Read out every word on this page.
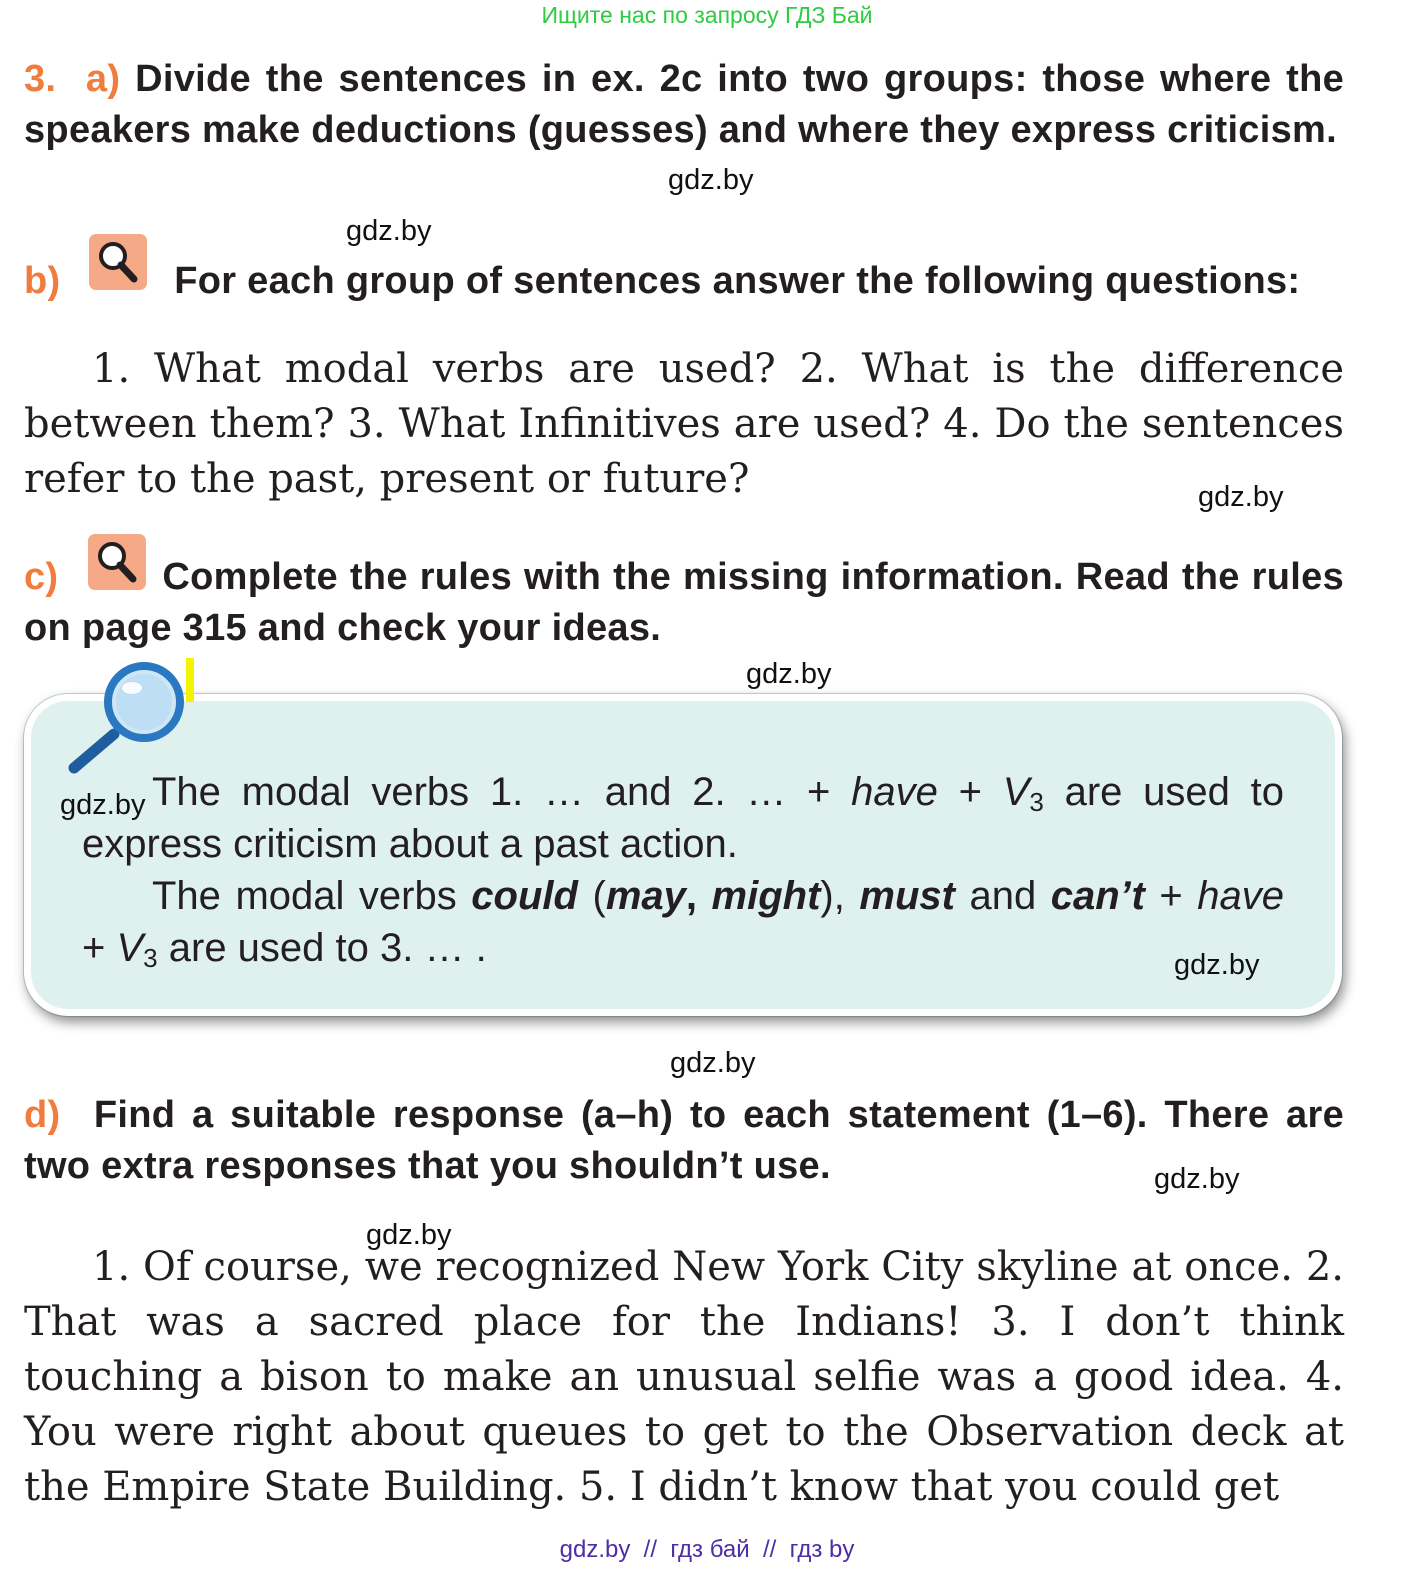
Ищите нас по запросу ГДЗ Бай
3. a) Divide the sentences in ex. 2c into two groups: those where the speakers make deductions (guesses) and where they express criticism.
gdz.by
gdz.by
b)	For each group of sentences answer the following questions:
1. What modal verbs are used? 2. What is the difference between them? 3. What Infinitives are used? 4. Do the sentences refer to the past, present or future?	gdz.by
c)	Complete the rules with the missing information. Read the rules on page 315 and check your ideas.
gdz.by
gdz.by The modal verbs 1. … and 2. … + have + $V_3$ are used to express criticism about a past action.
The modal verbs could (may, might), must and can’t + have + $V_3$ are used to 3. … .	gdz.by
gdz.by
d) Find a suitable response (a–h) to each statement (1–6). There are two extra responses that you shouldn’t use.	gdz.by
gdz.by
1. Of course, we recognized New York City skyline at once. 2. That was a sacred place for the Indians! 3. I don’t think touching a bison to make an unusual selfie was a good idea. 4. You were right about queues to get to the Observation deck at the Empire State Building. 5. I didn’t know that you could get
gdz.by  //  гдз бай  //  гдз by
